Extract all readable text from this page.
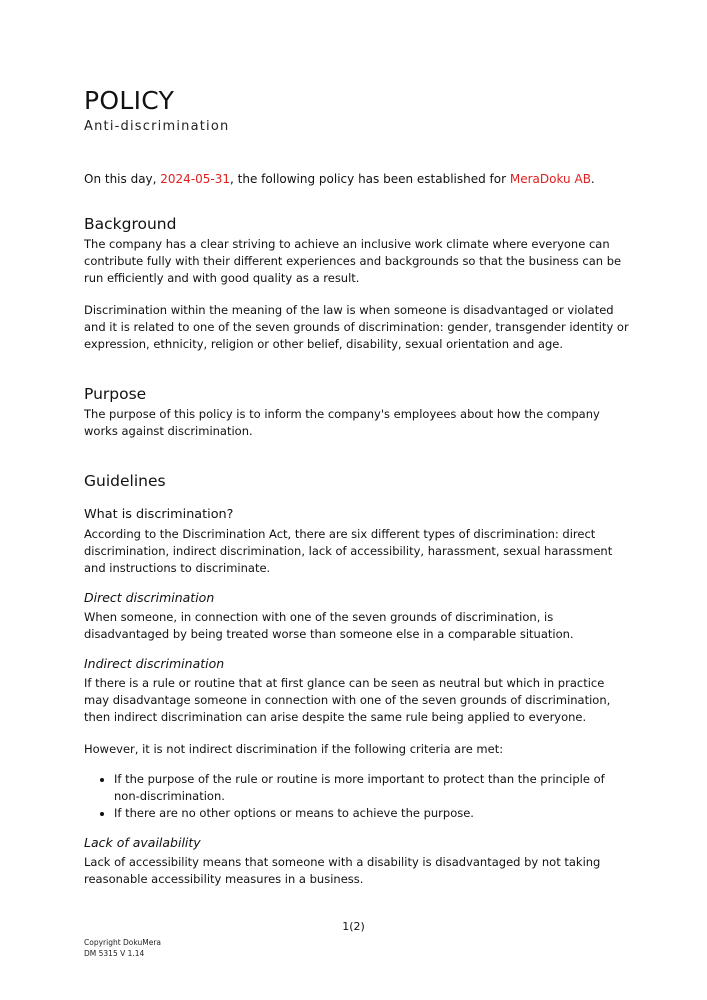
POLICY
Anti-discrimination

On this day, 2024-05-31, the following policy has been established for MeraDoku AB.

Background

The company has a clear striving to achieve an inclusive work climate where everyone can contribute fully with their different experiences and backgrounds so that the business can be run efficiently and with good quality as a result.

Discrimination within the meaning of the law is when someone is disadvantaged or violated and it is related to one of the seven grounds of discrimination: gender, transgender identity or expression, ethnicity, religion or other belief, disability, sexual orientation and age.

Purpose

The purpose of this policy is to inform the company's employees about how the company works against discrimination.

Guidelines
What is discrimination?

According to the Discrimination Act, there are six different types of discrimination: direct discrimination, indirect discrimination, lack of accessibility, harassment, sexual harassment and instructions to discriminate.

Direct discrimination

When someone, in connection with one of the seven grounds of discrimination, is disadvantaged by being treated worse than someone else in a comparable situation.

Indirect discrimination

If there is a rule or routine that at first glance can be seen as neutral but which in practice may disadvantage someone in connection with one of the seven grounds of discrimination, then indirect discrimination can arise despite the same rule being applied to everyone.

However, it is not indirect discrimination if the following criteria are met:

• If the purpose of the rule or routine is more important to protect than the principle of non-discrimination.
• If there are no other options or means to achieve the purpose.
Lack of availability

Lack of accessibility means that someone with a disability is disadvantaged by not taking reasonable accessibility measures in a business.

1(2)
Copyright DokuMera
DM 5315 V 1.14
